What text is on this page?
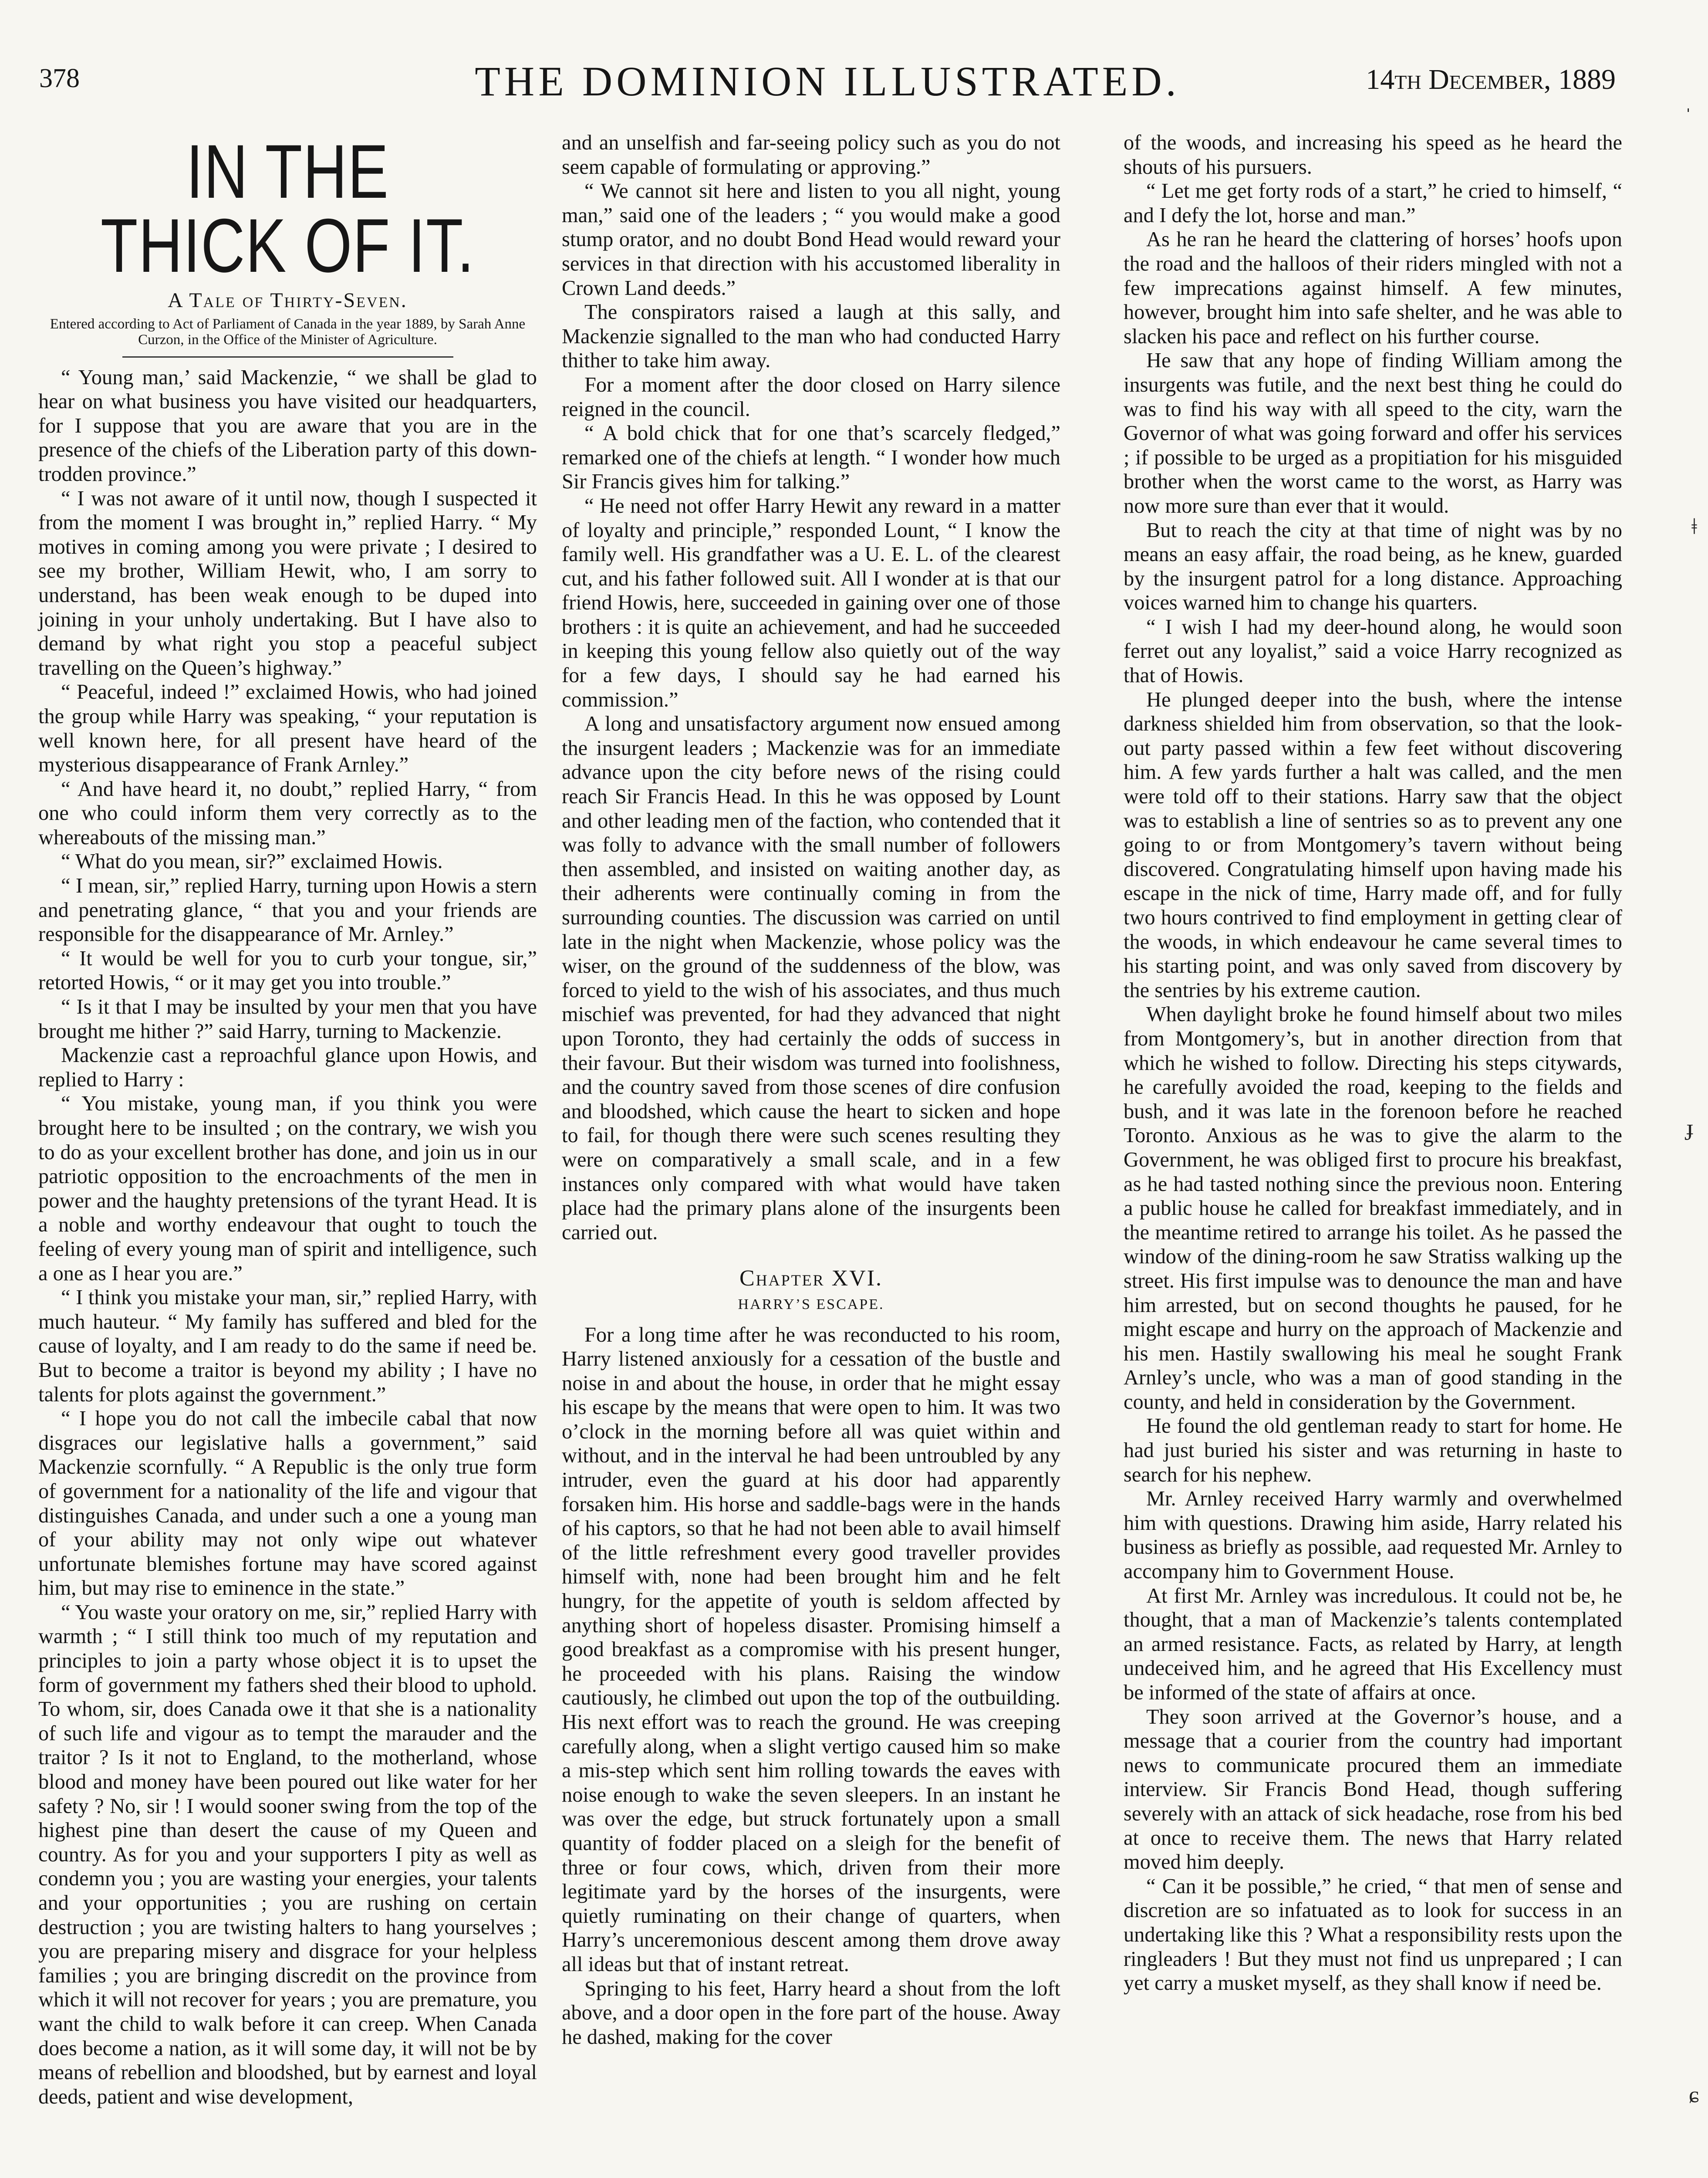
378	THE DOMINION ILLUSTRATED.	14th December, 1889
IN THE THICK OF IT.
A Tale of Thirty-Seven.
Entered according to Act of Parliament of Canada in the year 1889, by Sarah Anne Curzon, in the Office of the Minister of Agriculture.

“ Young man,’ said Mackenzie, “ we shall be glad to hear on what business you have visited our headquarters, for I suppose that you are aware that you are in the presence of the chiefs of the Liberation party of this down-trodden province.”

“ I was not aware of it until now, though I suspected it from the moment I was brought in,” replied Harry. “ My motives in coming among you were private ; I desired to see my brother, William Hewit, who, I am sorry to understand, has been weak enough to be duped into joining in your unholy undertaking. But I have also to demand by what right you stop a peaceful subject travelling on the Queen’s highway.”

“ Peaceful, indeed !” exclaimed Howis, who had joined the group while Harry was speaking, “ your reputation is well known here, for all present have heard of the mysterious disappearance of Frank Arnley.”

“ And have heard it, no doubt,” replied Harry, “ from one who could inform them very correctly as to the whereabouts of the missing man.”

“ What do you mean, sir?” exclaimed Howis.

“ I mean, sir,” replied Harry, turning upon Howis a stern and penetrating glance, “ that you and your friends are responsible for the disappearance of Mr. Arnley.”

“ It would be well for you to curb your tongue, sir,” retorted Howis, “ or it may get you into trouble.”

“ Is it that I may be insulted by your men that you have brought me hither ?” said Harry, turning to Mackenzie.

Mackenzie cast a reproachful glance upon Howis, and replied to Harry :

“ You mistake, young man, if you think you were brought here to be insulted ; on the contrary, we wish you to do as your excellent brother has done, and join us in our patriotic opposition to the encroachments of the men in power and the haughty pretensions of the tyrant Head. It is a noble and worthy endeavour that ought to touch the feeling of every young man of spirit and intelligence, such a one as I hear you are.”

“ I think you mistake your man, sir,” replied Harry, with much hauteur. “ My family has suffered and bled for the cause of loyalty, and I am ready to do the same if need be. But to become a traitor is beyond my ability ; I have no talents for plots against the government.”

“ I hope you do not call the imbecile cabal that now disgraces our legislative halls a government,” said Mackenzie scornfully. “ A Republic is the only true form of government for a nationality of the life and vigour that distinguishes Canada, and under such a one a young man of your ability may not only wipe out whatever unfortunate blemishes fortune may have scored against him, but may rise to eminence in the state.”

“ You waste your oratory on me, sir,” replied Harry with warmth ; “ I still think too much of my reputation and principles to join a party whose object it is to upset the form of government my fathers shed their blood to uphold. To whom, sir, does Canada owe it that she is a nationality of such life and vigour as to tempt the marauder and the traitor ? Is it not to England, to the motherland, whose blood and money have been poured out like water for her safety ? No, sir ! I would sooner swing from the top of the highest pine than desert the cause of my Queen and country. As for you and your supporters I pity as well as condemn you ; you are wasting your energies, your talents and your opportunities ; you are rushing on certain destruction ; you are twisting halters to hang yourselves ; you are preparing misery and disgrace for your helpless families ; you are bringing discredit on the province from which it will not recover for years ; you are premature, you want the child to walk before it can creep. When Canada does become a nation, as it will some day, it will not be by means of rebellion and bloodshed, but by earnest and loyal deeds, patient and wise development,

and an unselfish and far-seeing policy such as you do not seem capable of formulating or approving.”

“ We cannot sit here and listen to you all night, young man,” said one of the leaders ; “ you would make a good stump orator, and no doubt Bond Head would reward your services in that direction with his accustomed liberality in Crown Land deeds.”

The conspirators raised a laugh at this sally, and Mackenzie signalled to the man who had conducted Harry thither to take him away.

For a moment after the door closed on Harry silence reigned in the council.

“ A bold chick that for one that’s scarcely fledged,” remarked one of the chiefs at length. “ I wonder how much Sir Francis gives him for talking.”

“ He need not offer Harry Hewit any reward in a matter of loyalty and principle,” responded Lount, “ I know the family well. His grandfather was a U. E. L. of the clearest cut, and his father followed suit. All I wonder at is that our friend Howis, here, succeeded in gaining over one of those brothers : it is quite an achievement, and had he succeeded in keeping this young fellow also quietly out of the way for a few days, I should say he had earned his commission.”

A long and unsatisfactory argument now ensued among the insurgent leaders ; Mackenzie was for an immediate advance upon the city before news of the rising could reach Sir Francis Head. In this he was opposed by Lount and other leading men of the faction, who contended that it was folly to advance with the small number of followers then assembled, and insisted on waiting another day, as their adherents were continually coming in from the surrounding counties. The discussion was carried on until late in the night when Mackenzie, whose policy was the wiser, on the ground of the suddenness of the blow, was forced to yield to the wish of his associates, and thus much mischief was prevented, for had they advanced that night upon Toronto, they had certainly the odds of success in their favour. But their wisdom was turned into foolishness, and the country saved from those scenes of dire confusion and bloodshed, which cause the heart to sicken and hope to fail, for though there were such scenes resulting they were on comparatively a small scale, and in a few instances only compared with what would have taken place had the primary plans alone of the insurgents been carried out.

Chapter XVI.
HARRY’S ESCAPE.

For a long time after he was reconducted to his room, Harry listened anxiously for a cessation of the bustle and noise in and about the house, in order that he might essay his escape by the means that were open to him. It was two o’clock in the morning before all was quiet within and without, and in the interval he had been untroubled by any intruder, even the guard at his door had apparently forsaken him. His horse and saddle-bags were in the hands of his captors, so that he had not been able to avail himself of the little refreshment every good traveller provides himself with, none had been brought him and he felt hungry, for the appetite of youth is seldom affected by anything short of hopeless disaster. Promising himself a good breakfast as a compromise with his present hunger, he proceeded with his plans. Raising the window cautiously, he climbed out upon the top of the outbuilding. His next effort was to reach the ground. He was creeping carefully along, when a slight vertigo caused him so make a mis-step which sent him rolling towards the eaves with noise enough to wake the seven sleepers. In an instant he was over the edge, but struck fortunately upon a small quantity of fodder placed on a sleigh for the benefit of three or four cows, which, driven from their more legitimate yard by the horses of the insurgents, were quietly ruminating on their change of quarters, when Harry’s unceremonious descent among them drove away all ideas but that of instant retreat.

Springing to his feet, Harry heard a shout from the loft above, and a door open in the fore part of the house. Away he dashed, making for the cover

of the woods, and increasing his speed as he heard the shouts of his pursuers.

“ Let me get forty rods of a start,” he cried to himself, “ and I defy the lot, horse and man.”

As he ran he heard the clattering of horses’ hoofs upon the road and the halloos of their riders mingled with not a few imprecations against himself. A few minutes, however, brought him into safe shelter, and he was able to slacken his pace and reflect on his further course.

He saw that any hope of finding William among the insurgents was futile, and the next best thing he could do was to find his way with all speed to the city, warn the Governor of what was going forward and offer his services ; if possible to be urged as a propitiation for his misguided brother when the worst came to the worst, as Harry was now more sure than ever that it would.

But to reach the city at that time of night was by no means an easy affair, the road being, as he knew, guarded by the insurgent patrol for a long distance. Approaching voices warned him to change his quarters.

“ I wish I had my deer-hound along, he would soon ferret out any loyalist,” said a voice Harry recognized as that of Howis.

He plunged deeper into the bush, where the intense darkness shielded him from observation, so that the look-out party passed within a few feet without discovering him. A few yards further a halt was called, and the men were told off to their stations. Harry saw that the object was to establish a line of sentries so as to prevent any one going to or from Montgomery’s tavern without being discovered. Congratulating himself upon having made his escape in the nick of time, Harry made off, and for fully two hours contrived to find employment in getting clear of the woods, in which endeavour he came several times to his starting point, and was only saved from discovery by the sentries by his extreme caution.

When daylight broke he found himself about two miles from Montgomery’s, but in another direction from that which he wished to follow. Directing his steps citywards, he carefully avoided the road, keeping to the fields and bush, and it was late in the forenoon before he reached Toronto. Anxious as he was to give the alarm to the Government, he was obliged first to procure his breakfast, as he had tasted nothing since the previous noon. Entering a public house he called for breakfast immediately, and in the meantime retired to arrange his toilet. As he passed the window of the dining-room he saw Stratiss walking up the street. His first impulse was to denounce the man and have him arrested, but on second thoughts he paused, for he might escape and hurry on the approach of Mackenzie and his men. Hastily swallowing his meal he sought Frank Arnley’s uncle, who was a man of good standing in the county, and held in consideration by the Government.

He found the old gentleman ready to start for home. He had just buried his sister and was returning in haste to search for his nephew.

Mr. Arnley received Harry warmly and overwhelmed him with questions. Drawing him aside, Harry related his business as briefly as possible, aad requested Mr. Arnley to accompany him to Government House.

At first Mr. Arnley was incredulous. It could not be, he thought, that a man of Mackenzie’s talents contemplated an armed resistance. Facts, as related by Harry, at length undeceived him, and he agreed that His Excellency must be informed of the state of affairs at once.

They soon arrived at the Governor’s house, and a message that a courier from the country had important news to communicate procured them an immediate interview. Sir Francis Bond Head, though suffering severely with an attack of sick headache, rose from his bed at once to receive them. The news that Harry related moved him deeply.

“ Can it be possible,” he cried, “ that men of sense and discretion are so infatuated as to look for success in an undertaking like this ? What a responsibility rests upon the ringleaders ! But they must not find us unprepared ; I can yet carry a musket myself, as they shall know if need be.

ˌ
ǂ
ɟ
ɕ
